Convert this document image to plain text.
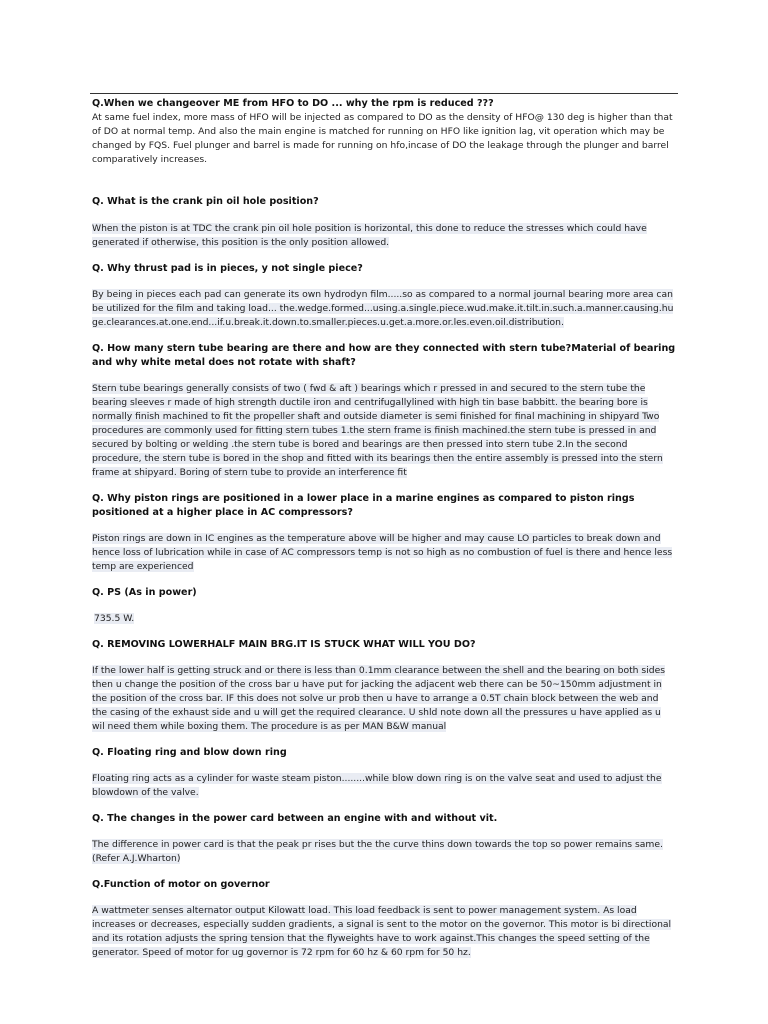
Q.When we changeover ME from HFO to DO ... why the rpm is reduced ???

At same fuel index, more mass of HFO will be injected as compared to DO as the density of HFO@ 130 deg is higher than that of DO at normal temp. And also the main engine is matched for running on HFO like ignition lag, vit operation which may be changed by FQS. Fuel plunger and barrel is made for running on hfo,incase of DO the leakage through the plunger and barrel comparatively increases.

Q. What is the crank pin oil hole position?

When the piston is at TDC the crank pin oil hole position is horizontal, this done to reduce the stresses which could have generated if otherwise, this position is the only position allowed.

Q. Why thrust pad is in pieces, y not single piece?

By being in pieces each pad can generate its own hydrodyn film.....so as compared to a normal journal bearing more area can be utilized for the film and taking load... the.wedge.formed...using.a.single.piece.wud.make.it.tilt.in.such.a.manner.causing.huge.clearances.at.one.end...if.u.break.it.down.to.smaller.pieces.u.get.a.more.or.les.even.oil.distribution.

Q. How many stern tube bearing are there and how are they connected with stern tube?Material of bearing and why white metal does not rotate with shaft?

Stern tube bearings generally consists of two ( fwd & aft ) bearings which r pressed in and secured to the stern tube the bearing sleeves r made of high strength ductile iron and centrifugallylined with high tin base babbitt. the bearing bore is normally finish machined to fit the propeller shaft and outside diameter is semi finished for final machining in shipyard Two procedures are commonly used for fitting stern tubes 1.the stern frame is finish machined.the stern tube is pressed in and secured by bolting or welding .the stern tube is bored and bearings are then pressed into stern tube 2.In the second procedure, the stern tube is bored in the shop and fitted with its bearings then the entire assembly is pressed into the stern frame at shipyard. Boring of stern tube to provide an interference fit

Q. Why piston rings are positioned in a lower place in a marine engines as compared to piston rings positioned at a higher place in AC compressors?

Piston rings are down in IC engines as the temperature above will be higher and may cause LO particles to break down and hence loss of lubrication while in case of AC compressors temp is not so high as no combustion of fuel is there and hence less temp are experienced

Q. PS (As in power)

735.5 W.

Q. REMOVING LOWERHALF MAIN BRG.IT IS STUCK WHAT WILL YOU DO?

If the lower half is getting struck and or there is less than 0.1mm clearance between the shell and the bearing on both sides then u change the position of the cross bar u have put for jacking the adjacent web there can be 50~150mm adjustment in the position of the cross bar. IF this does not solve ur prob then u have to arrange a 0.5T chain block between the web and the casing of the exhaust side and u will get the required clearance. U shld note down all the pressures u have applied as u wil need them while boxing them. The procedure is as per MAN B&W manual

Q. Floating ring and blow down ring

Floating ring acts as a cylinder for waste steam piston........while blow down ring is on the valve seat and used to adjust the blowdown of the valve.

Q. The changes in the power card between an engine with and without vit.

The difference in power card is that the peak pr rises but the the curve thins down towards the top so power remains same.(Refer A.J.Wharton)

Q.Function of motor on governor

A wattmeter senses alternator output Kilowatt load. This load feedback is sent to power management system. As load increases or decreases, especially sudden gradients, a signal is sent to the motor on the governor. This motor is bi directional and its rotation adjusts the spring tension that the flyweights have to work against.This changes the speed setting of the generator. Speed of motor for ug governor is 72 rpm for 60 hz & 60 rpm for 50 hz.
